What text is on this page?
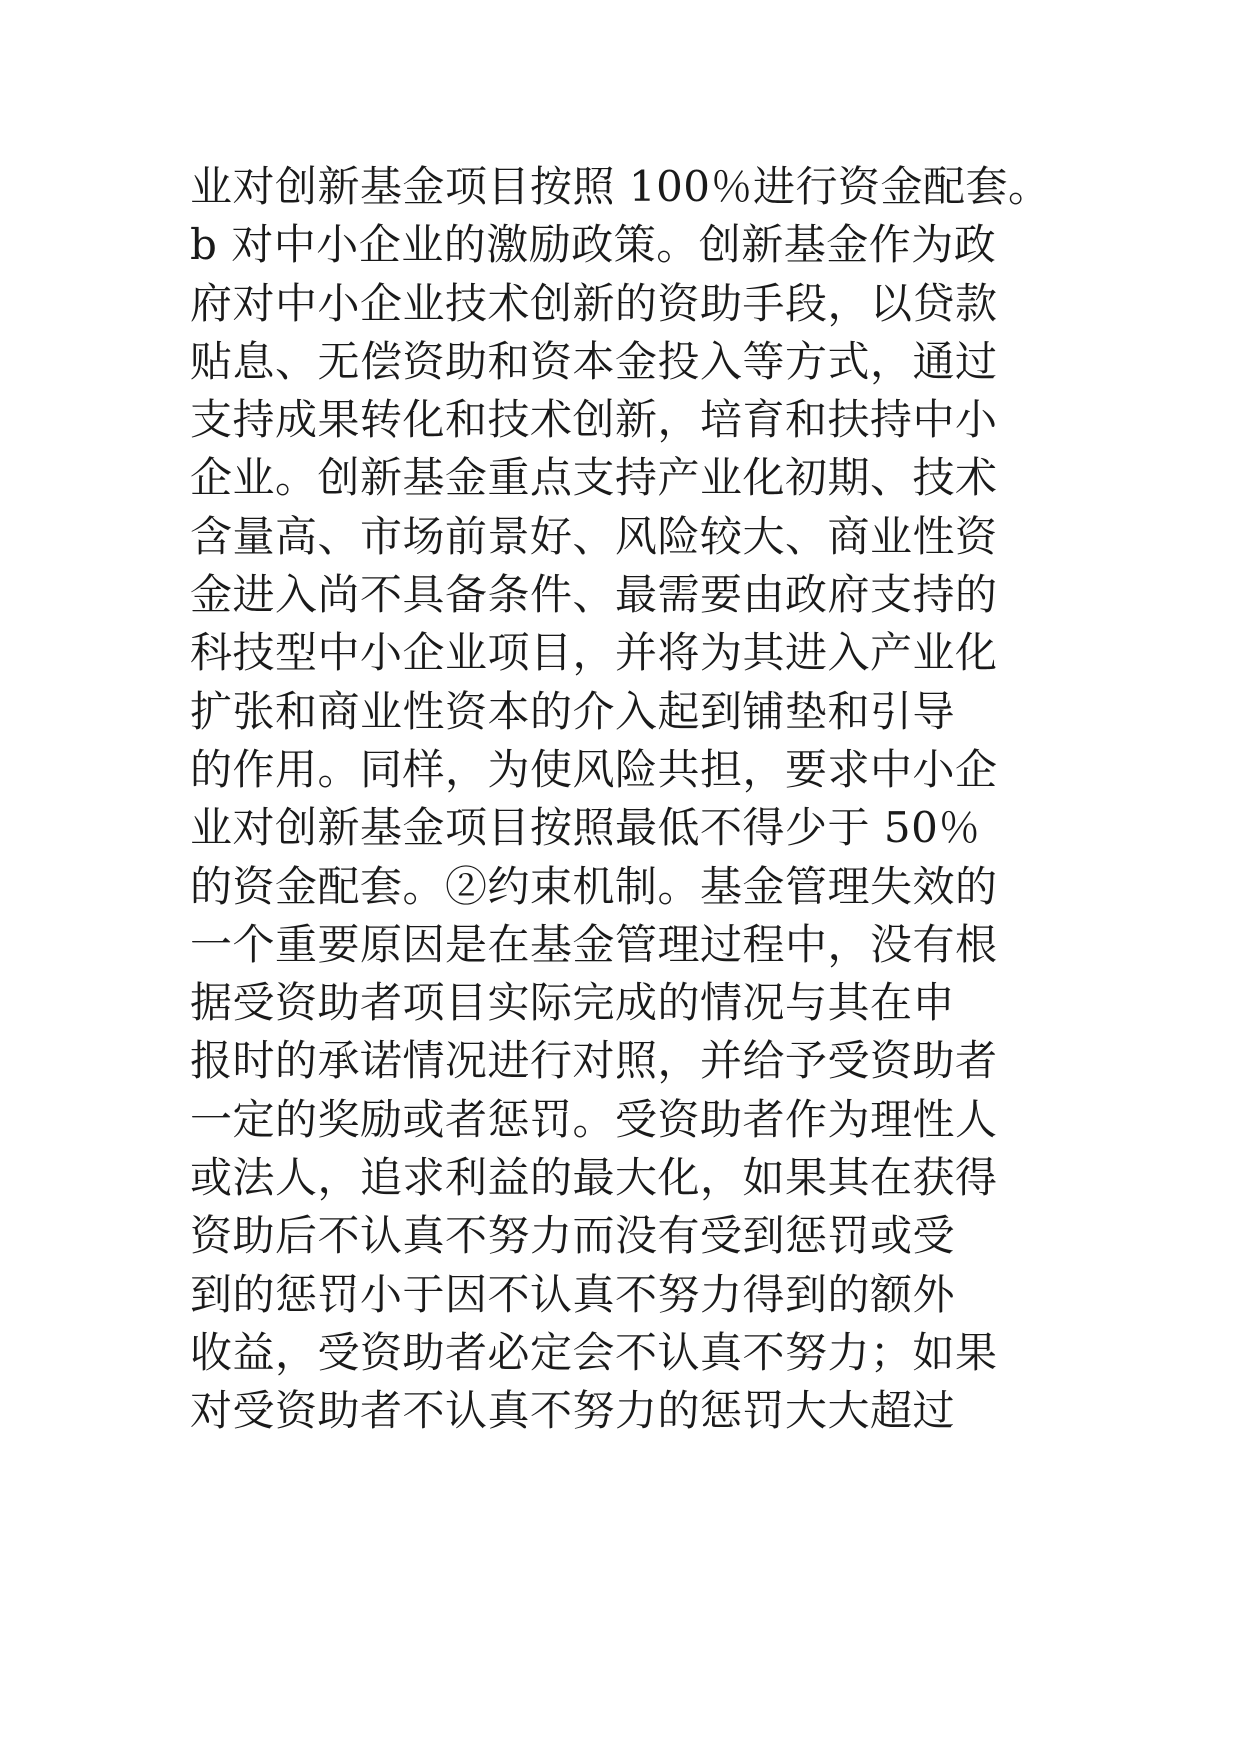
业对创新基金项目按照 100％进行资金配套。
b 对中小企业的激励政策。创新基金作为政
府对中小企业技术创新的资助手段，以贷款
贴息、无偿资助和资本金投入等方式，通过
支持成果转化和技术创新，培育和扶持中小
企业。创新基金重点支持产业化初期、技术
含量高、市场前景好、风险较大、商业性资
金进入尚不具备条件、最需要由政府支持的
科技型中小企业项目，并将为其进入产业化
扩张和商业性资本的介入起到铺垫和引导
的作用。同样，为使风险共担，要求中小企
业对创新基金项目按照最低不得少于 50％
的资金配套。②约束机制。基金管理失效的
一个重要原因是在基金管理过程中，没有根
据受资助者项目实际完成的情况与其在申
报时的承诺情况进行对照，并给予受资助者
一定的奖励或者惩罚。受资助者作为理性人
或法人，追求利益的最大化，如果其在获得
资助后不认真不努力而没有受到惩罚或受
到的惩罚小于因不认真不努力得到的额外
收益，受资助者必定会不认真不努力；如果
对受资助者不认真不努力的惩罚大大超过
